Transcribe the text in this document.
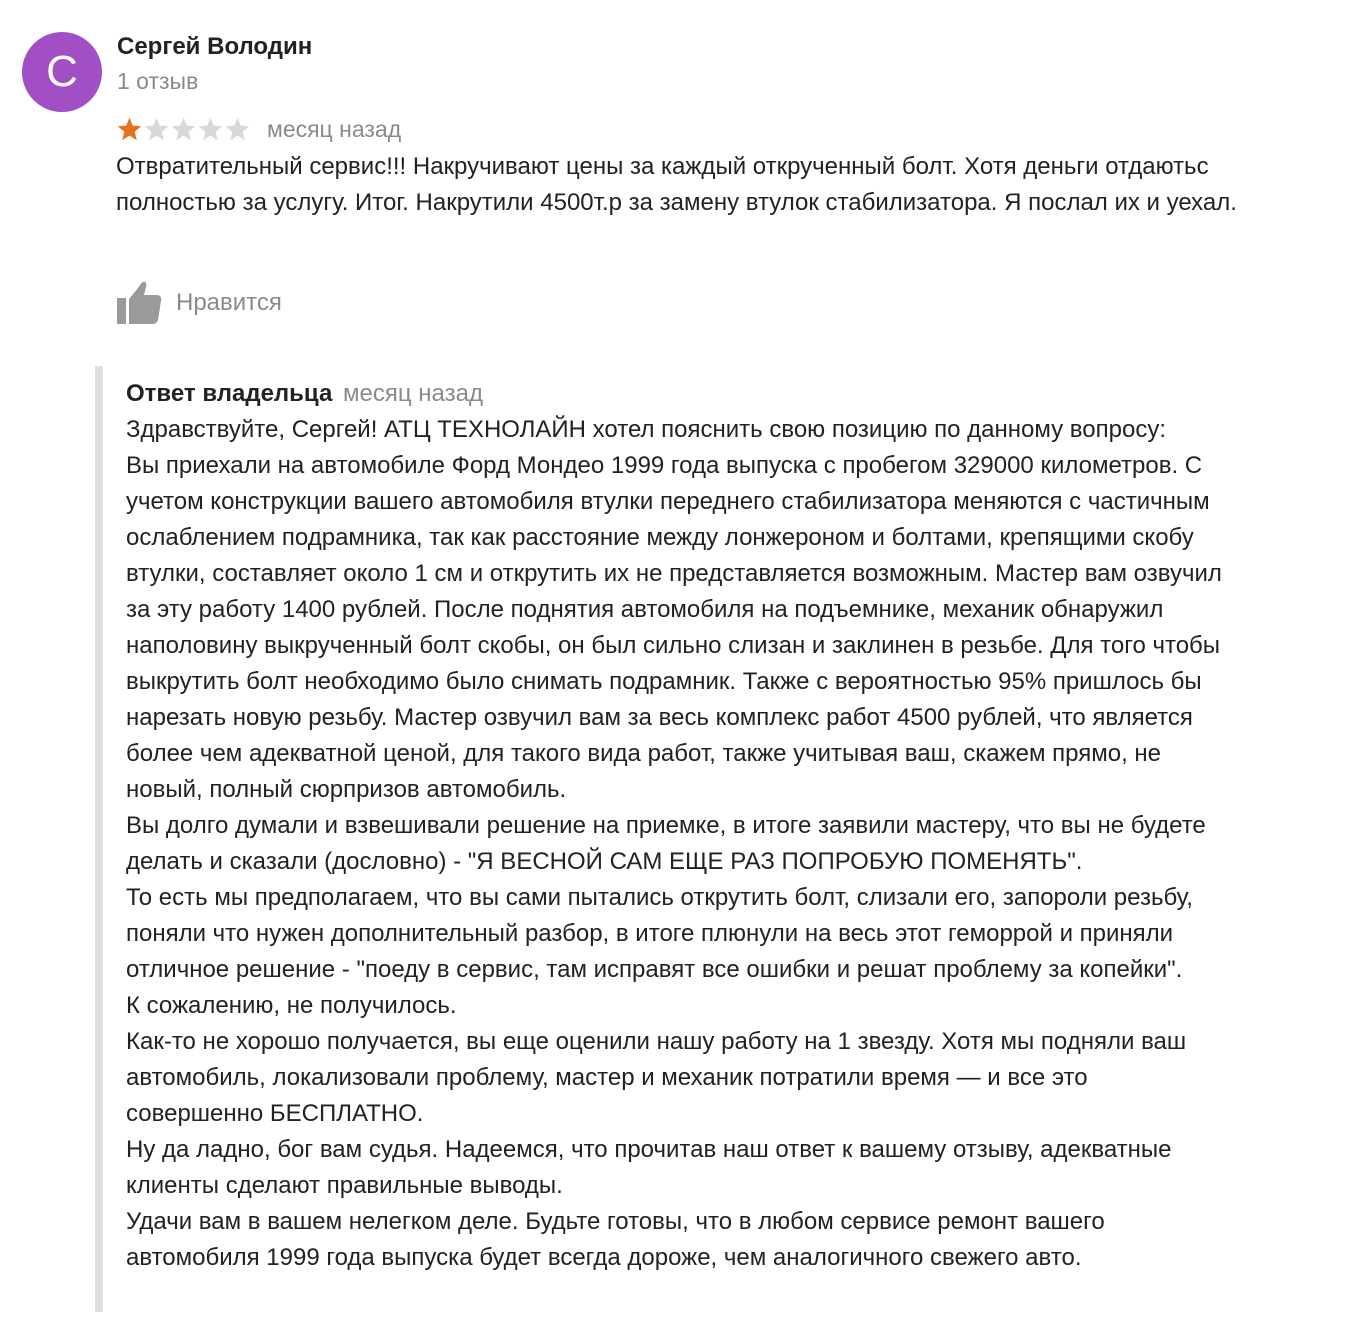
С
Сергей Володин
1 отзыв
месяц назад

Отвратительный сервис!!! Накручивают цены за каждый открученный болт. Хотя деньги отдаютьс полностью за услугу. Итог. Накрутили 4500т.р за замену втулок стабилизатора. Я послал их и уехал.

Нравится
Ответ владельца месяц назад
Здравствуйте, Сергей! АТЦ ТЕХНОЛАЙН хотел пояснить свою позицию по данному вопросу:
Вы приехали на автомобиле Форд Мондео 1999 года выпуска с пробегом 329000 километров. С
учетом конструкции вашего автомобиля втулки переднего стабилизатора меняются с частичным
ослаблением подрамника, так как расстояние между лонжероном и болтами, крепящими скобу
втулки, составляет около 1 см и открутить их не представляется возможным. Мастер вам озвучил
за эту работу 1400 рублей. После поднятия автомобиля на подъемнике, механик обнаружил
наполовину выкрученный болт скобы, он был сильно слизан и заклинен в резьбе. Для того чтобы
выкрутить болт необходимо было снимать подрамник. Также с вероятностью 95% пришлось бы
нарезать новую резьбу. Мастер озвучил вам за весь комплекс работ 4500 рублей, что является
более чем адекватной ценой, для такого вида работ, также учитывая ваш, скажем прямо, не
новый, полный сюрпризов автомобиль.
Вы долго думали и взвешивали решение на приемке, в итоге заявили мастеру, что вы не будете
делать и сказали (дословно) - "Я ВЕСНОЙ САМ ЕЩЕ РАЗ ПОПРОБУЮ ПОМЕНЯТЬ".
То есть мы предполагаем, что вы сами пытались открутить болт, слизали его, запороли резьбу,
поняли что нужен дополнительный разбор, в итоге плюнули на весь этот геморрой и приняли
отличное решение - "поеду в сервис, там исправят все ошибки и решат проблему за копейки".
К сожалению, не получилось.
Как-то не хорошо получается, вы еще оценили нашу работу на 1 звезду. Хотя мы подняли ваш
автомобиль, локализовали проблему, мастер и механик потратили время — и все это
совершенно БЕСПЛАТНО.
Ну да ладно, бог вам судья. Надеемся, что прочитав наш ответ к вашему отзыву, адекватные
клиенты сделают правильные выводы.
Удачи вам в вашем нелегком деле. Будьте готовы, что в любом сервисе ремонт вашего
автомобиля 1999 года выпуска будет всегда дороже, чем аналогичного свежего авто.
